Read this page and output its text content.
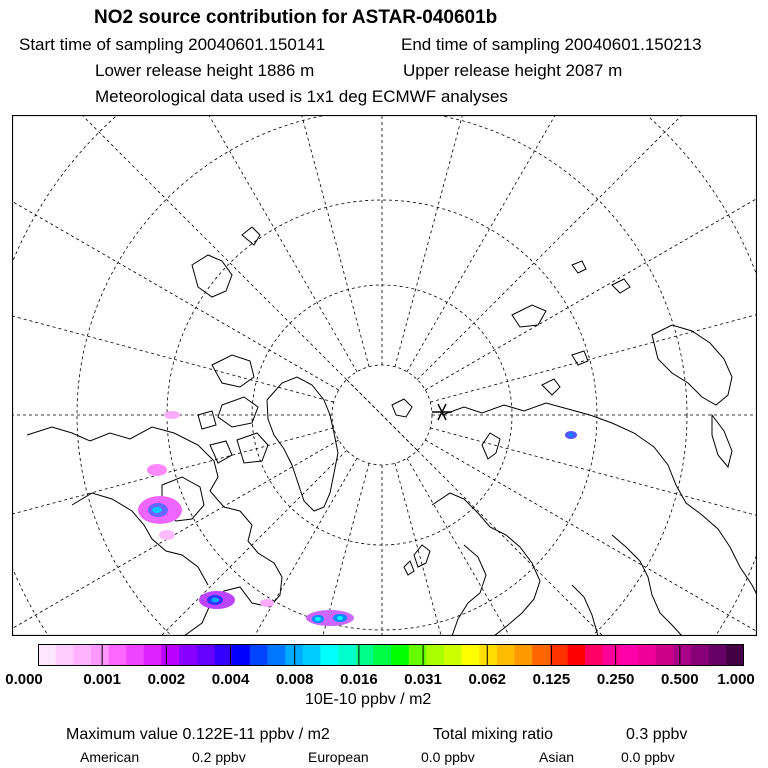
NO2 source contribution for ASTAR-040601b
Start time of sampling 20040601.150141	End time of sampling 20040601.150213
Lower release height 1886 m	Upper release height 2087 m
Meteorological data used is 1x1 deg ECMWF analyses
0.000	0.001 0.002 0.004 0.008 0.016 0.031 0.062 0.125 0.250 0.500 1.000
10E-10 ppbv / m2
Maximum value 0.122E-11 ppbv / m2	Total mixing ratio	0.3 ppbv
American	0.2 ppbv	European	0.0 ppbv	Asian	0.0 ppbv
